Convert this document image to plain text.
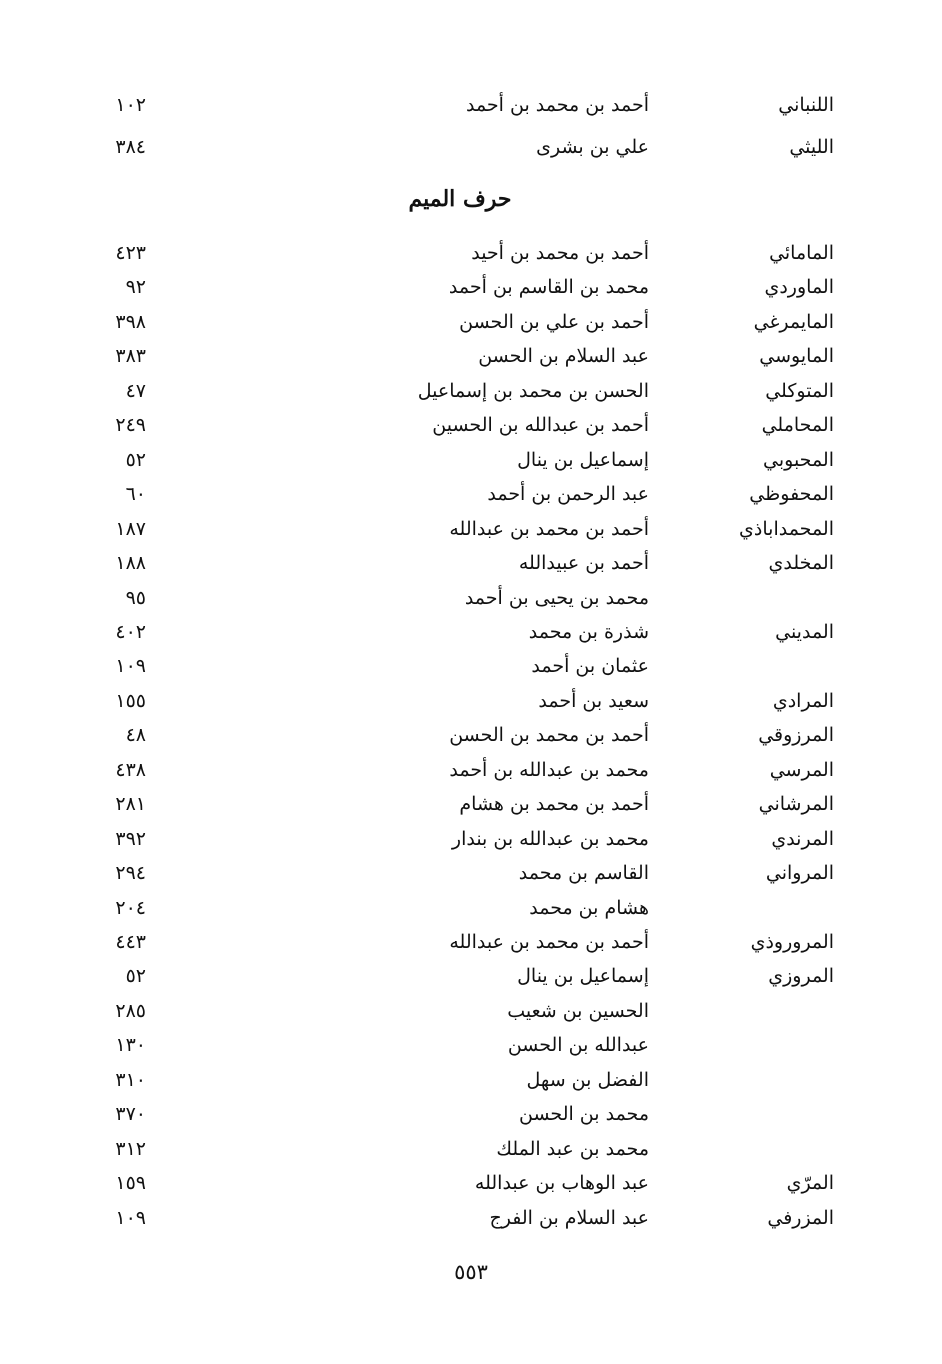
اللنباني
أحمد بن محمد بن أحمد
١٠٢
الليثي
علي بن بشرى
٣٨٤
حرف الميم
المامائي
أحمد بن محمد بن أحيد
٤٢٣
الماوردي
محمد بن القاسم بن أحمد
٩٢
المايمرغي
أحمد بن علي بن الحسن
٣٩٨
المايوسي
عبد السلام بن الحسن
٣٨٣
المتوكلي
الحسن بن محمد بن إسماعيل
٤٧
المحاملي
أحمد بن عبدالله بن الحسين
٢٤٩
المحبوبي
إسماعيل بن ينال
٥٢
المحفوظي
عبد الرحمن بن أحمد
٦٠
المحمداباذي
أحمد بن محمد بن عبدالله
١٨٧
المخلدي
أحمد بن عبيدالله
١٨٨
محمد بن يحيى بن أحمد
٩٥
المديني
شذرة بن محمد
٤٠٢
عثمان بن أحمد
١٠٩
المرادي
سعيد بن أحمد
١٥٥
المرزوقي
أحمد بن محمد بن الحسن
٤٨
المرسي
محمد بن عبدالله بن أحمد
٤٣٨
المرشاني
أحمد بن محمد بن هشام
٢٨١
المرندي
محمد بن عبدالله بن بندار
٣٩٢
المرواني
القاسم بن محمد
٢٩٤
هشام بن محمد
٢٠٤
المروروذي
أحمد بن محمد بن عبدالله
٤٤٣
المروزي
إسماعيل بن ينال
٥٢
الحسين بن شعيب
٢٨٥
عبدالله بن الحسن
١٣٠
الفضل بن سهل
٣١٠
محمد بن الحسن
٣٧٠
محمد بن عبد الملك
٣١٢
المرّي
عبد الوهاب بن عبدالله
١٥٩
المزرفي
عبد السلام بن الفرج
١٠٩
٥٥٣
